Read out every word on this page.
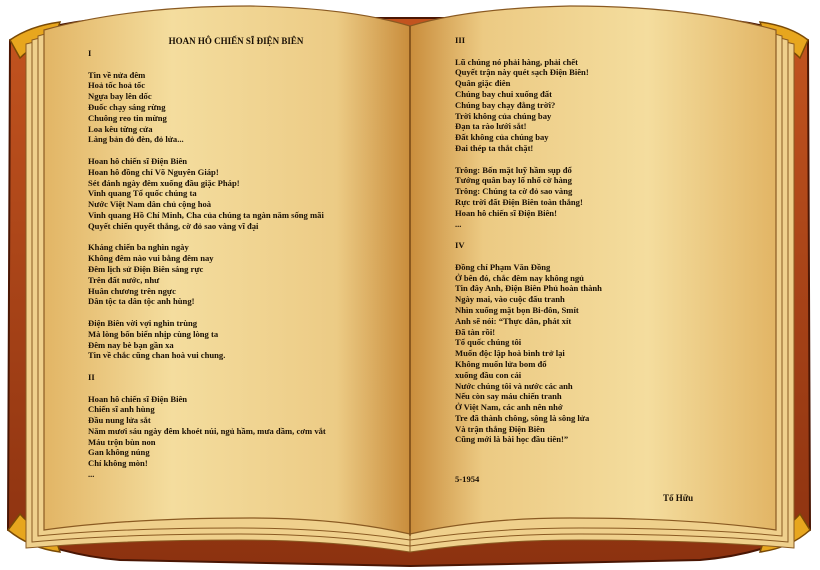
HOAN HÔ CHIẾN SĨ ĐIỆN BIÊN
I
Tin về nửa đêm
Hoả tốc hoả tốc
Ngựa bay lên dốc
Đuốc chạy sáng rừng
Chuông reo tin mừng
Loa kêu từng cửa
Làng bản đỏ đèn, đỏ lửa...
Hoan hô chiến sĩ Điện Biên
Hoan hô đồng chí Võ Nguyên Giáp!
Sét đánh ngày đêm xuống đầu giặc Pháp!
Vinh quang Tổ quốc chúng ta
Nước Việt Nam dân chủ cộng hoà
Vinh quang Hồ Chí Minh, Cha của chúng ta ngàn năm sống mãi
Quyết chiến quyết thắng, cờ đỏ sao vàng vĩ đại
Kháng chiến ba nghìn ngày
Không đêm nào vui bằng đêm nay
Đêm lịch sử Điện Biên sáng rực
Trên đất nước, như
Huân chương trên ngực
Dân tộc ta dân tộc anh hùng!
Điện Biên vời vợi nghìn trùng
Mà lòng bốn biển nhịp cùng lòng ta
Đêm nay bè bạn gần xa
Tin về chắc cũng chan hoà vui chung.
II
Hoan hô chiến sĩ Điện Biên
Chiến sĩ anh hùng
Đầu nung lửa sắt
Năm mươi sáu ngày đêm khoét núi, ngủ hầm, mưa dầm, cơm vắt
Máu trộn bùn non
Gan không núng
Chí không mòn!
...
III
Lũ chúng nó phải hàng, phải chết
Quyết trận này quét sạch Điện Biên!
Quân giặc điên
Chúng bay chui xuống đất
Chúng bay chạy đằng trời?
Trời không của chúng bay
Đạn ta rào lưới sắt!
Đất không của chúng bay
Đai thép ta thắt chặt!
Trông: Bốn mặt luỹ hầm sụp đổ
Tướng quân bay lố nhố cờ hàng
Trông: Chúng ta cờ đỏ sao vàng
Rực trời đất Điện Biên toàn thắng!
Hoan hô chiến sĩ Điện Biên!
...
IV
Đồng chí Phạm Văn Đồng
Ở bên đó, chắc đêm nay không ngủ
Tin đây Anh, Điện Biên Phủ hoàn thành
Ngày mai, vào cuộc đấu tranh
Nhìn xuống mặt bọn Bi-đôn, Smít
Anh sẽ nói: “Thực dân, phát xít
Đã tàn rồi!
Tổ quốc chúng tôi
Muốn độc lập hoà bình trở lại
Không muốn lửa bom đổ
xuống đầu con cái
Nước chúng tôi và nước các anh
Nếu còn say máu chiến tranh
Ở Việt Nam, các anh nên nhớ
Tre đã thành chông, sông là sông lửa
Và trận thắng Điện Biên
Cũng mới là bài học đầu tiên!”
5-1954
Tố Hữu
